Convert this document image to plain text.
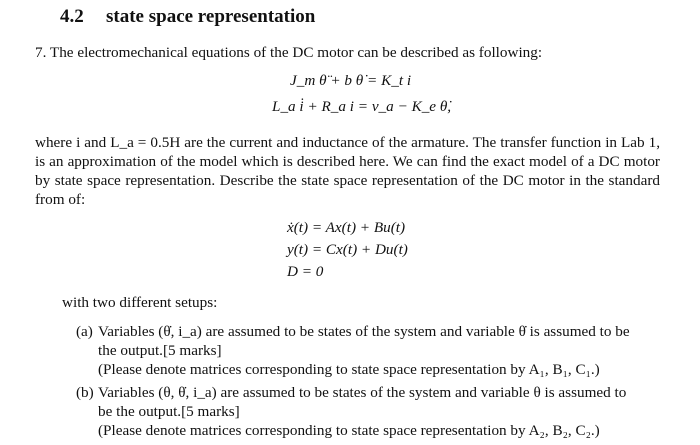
4.2 state space representation
7. The electromechanical equations of the DC motor can be described as following:
J_m θ̈ + b θ̇ = K_t i
L_a i̇ + R_a i = v_a − K_e θ̇,
where i and L_a = 0.5H are the current and inductance of the armature. The transfer function in Lab 1, is an approximation of the model which is described here. We can find the exact model of a DC motor by state space representation. Describe the state space representation of the DC motor in the standard from of:
ẋ(t) = Ax(t) + Bu(t)
y(t) = Cx(t) + Du(t)
D = 0
with two different setups:
(a) Variables (θ̇, i_a) are assumed to be states of the system and variable θ̇ is assumed to be
the output.[5 marks]
(Please denote matrices corresponding to state space representation by A₁, B₁, C₁.)
(b) Variables (θ, θ̇, i_a) are assumed to be states of the system and variable θ is assumed to
be the output.[5 marks]
(Please denote matrices corresponding to state space representation by A₂, B₂, C₂.)
